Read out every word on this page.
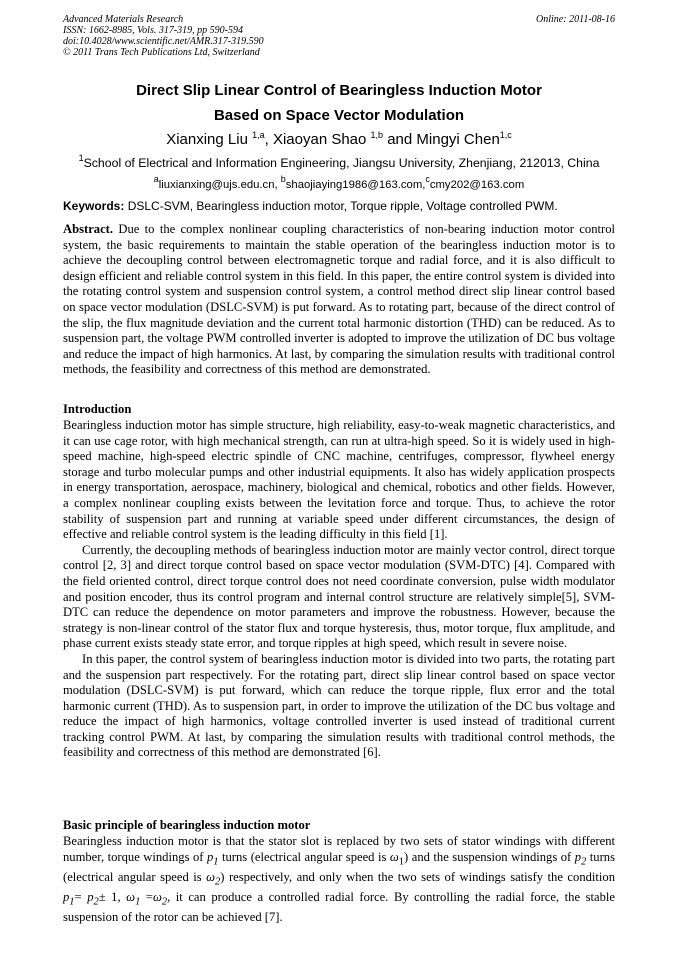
Advanced Materials Research
ISSN: 1662-8985, Vols. 317-319, pp 590-594
doi:10.4028/www.scientific.net/AMR.317-319.590
© 2011 Trans Tech Publications Ltd, Switzerland
Online: 2011-08-16
Direct Slip Linear Control of Bearingless Induction Motor
Based on Space Vector Modulation
Xianxing Liu $^{1,a}$, Xiaoyan Shao $^{1,b}$ and Mingyi Chen$^{1,c}$
$^1$School of Electrical and Information Engineering, Jiangsu University, Zhenjiang, 212013, China
$^a$liuxianxing@ujs.edu.cn, $^b$shaojiaying1986@163.com,$^c$cmy202@163.com
Keywords: DSLC-SVM, Bearingless induction motor, Torque ripple, Voltage controlled PWM.

Abstract. Due to the complex nonlinear coupling characteristics of non-bearing induction motor control system, the basic requirements to maintain the stable operation of the bearingless induction motor is to achieve the decoupling control between electromagnetic torque and radial force, and it is also difficult to design efficient and reliable control system in this field. In this paper, the entire control system is divided into the rotating control system and suspension control system, a control method direct slip linear control based on space vector modulation (DSLC-SVM) is put forward. As to rotating part, because of the direct control of the slip, the flux magnitude deviation and the current total harmonic distortion (THD) can be reduced. As to suspension part, the voltage PWM controlled inverter is adopted to improve the utilization of DC bus voltage and reduce the impact of high harmonics. At last, by comparing the simulation results with traditional control methods, the feasibility and correctness of this method are demonstrated.

Introduction

Bearingless induction motor has simple structure, high reliability, easy-to-weak magnetic characteristics, and it can use cage rotor, with high mechanical strength, can run at ultra-high speed. So it is widely used in high-speed machine, high-speed electric spindle of CNC machine, centrifuges, compressor, flywheel energy storage and turbo molecular pumps and other industrial equipments. It also has widely application prospects in energy transportation, aerospace, machinery, biological and chemical, robotics and other fields. However, a complex nonlinear coupling exists between the levitation force and torque. Thus, to achieve the rotor stability of suspension part and running at variable speed under different circumstances, the design of effective and reliable control system is the leading difficulty in this field [1].

Currently, the decoupling methods of bearingless induction motor are mainly vector control, direct torque control [2, 3] and direct torque control based on space vector modulation (SVM-DTC) [4]. Compared with the field oriented control, direct torque control does not need coordinate conversion, pulse width modulator and position encoder, thus its control program and internal control structure are relatively simple[5], SVM-DTC can reduce the dependence on motor parameters and improve the robustness. However, because the strategy is non-linear control of the stator flux and torque hysteresis, thus, motor torque, flux amplitude, and phase current exists steady state error, and torque ripples at high speed, which result in severe noise.

In this paper, the control system of bearingless induction motor is divided into two parts, the rotating part and the suspension part respectively. For the rotating part, direct slip linear control based on space vector modulation (DSLC-SVM) is put forward, which can reduce the torque ripple, flux error and the total harmonic current (THD). As to suspension part, in order to improve the utilization of the DC bus voltage and reduce the impact of high harmonics, voltage controlled inverter is used instead of traditional current tracking control PWM. At last, by comparing the simulation results with traditional control methods, the feasibility and correctness of this method are demonstrated [6].

Basic principle of bearingless induction motor

Bearingless induction motor is that the stator slot is replaced by two sets of stator windings with different number, torque windings of $p_1$ turns (electrical angular speed is $\omega_1$) and the suspension windings of $p_2$ turns (electrical angular speed is $\omega_2$) respectively, and only when the two sets of windings satisfy the condition $p_1= p_2\pm 1$, $\omega_1 =\omega_2$, it can produce a controlled radial force. By controlling the radial force, the stable suspension of the rotor can be achieved [7].
